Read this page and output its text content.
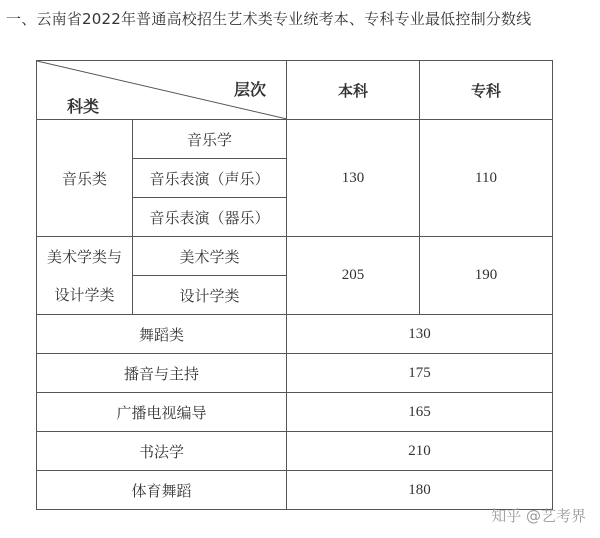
一、云南省2022年普通高校招生艺术类专业统考本、专科专业最低控制分数线
层次
科类		本科	专科
音乐类	音乐学	130	110
	音乐表演（声乐）		
	音乐表演（器乐）		

美术学类与
设计学类	美术学类	205	190
	设计学类		
舞蹈类		130	
播音与主持		175	
广播电视编导		165	
书法学		210	
体育舞蹈		180	
知乎 @艺考界
